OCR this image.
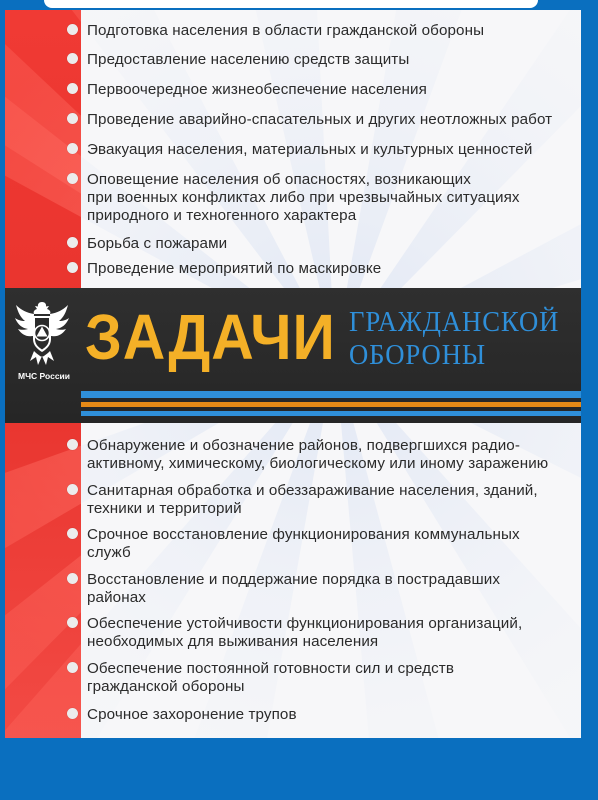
Подготовка населения в области гражданской обороны
Предоставление населению средств защиты
Первоочередное жизнеобеспечение населения
Проведение аварийно-спасательных и других неотложных работ
Эвакуация населения, материальных и культурных ценностей
Оповещение населения об опасностях, возникающих
при военных конфликтах либо при чрезвычайных ситуациях
природного и техногенного характера
Борьба с пожарами
Проведение мероприятий по маскировке
МЧС России
ЗАДАЧИ ГРАЖДАНСКОЙ
ОБОРОНЫ
Обнаружение и обозначение районов, подвергшихся радио-
активному, химическому, биологическому или иному заражению
Санитарная обработка и обеззараживание населения, зданий,
техники и территорий
Срочное восстановление функционирования коммунальных
служб
Восстановление и поддержание порядка в пострадавших
районах
Обеспечение устойчивости функционирования организаций,
необходимых для выживания населения
Обеспечение постоянной готовности сил и средств
гражданской обороны
Срочное захоронение трупов
